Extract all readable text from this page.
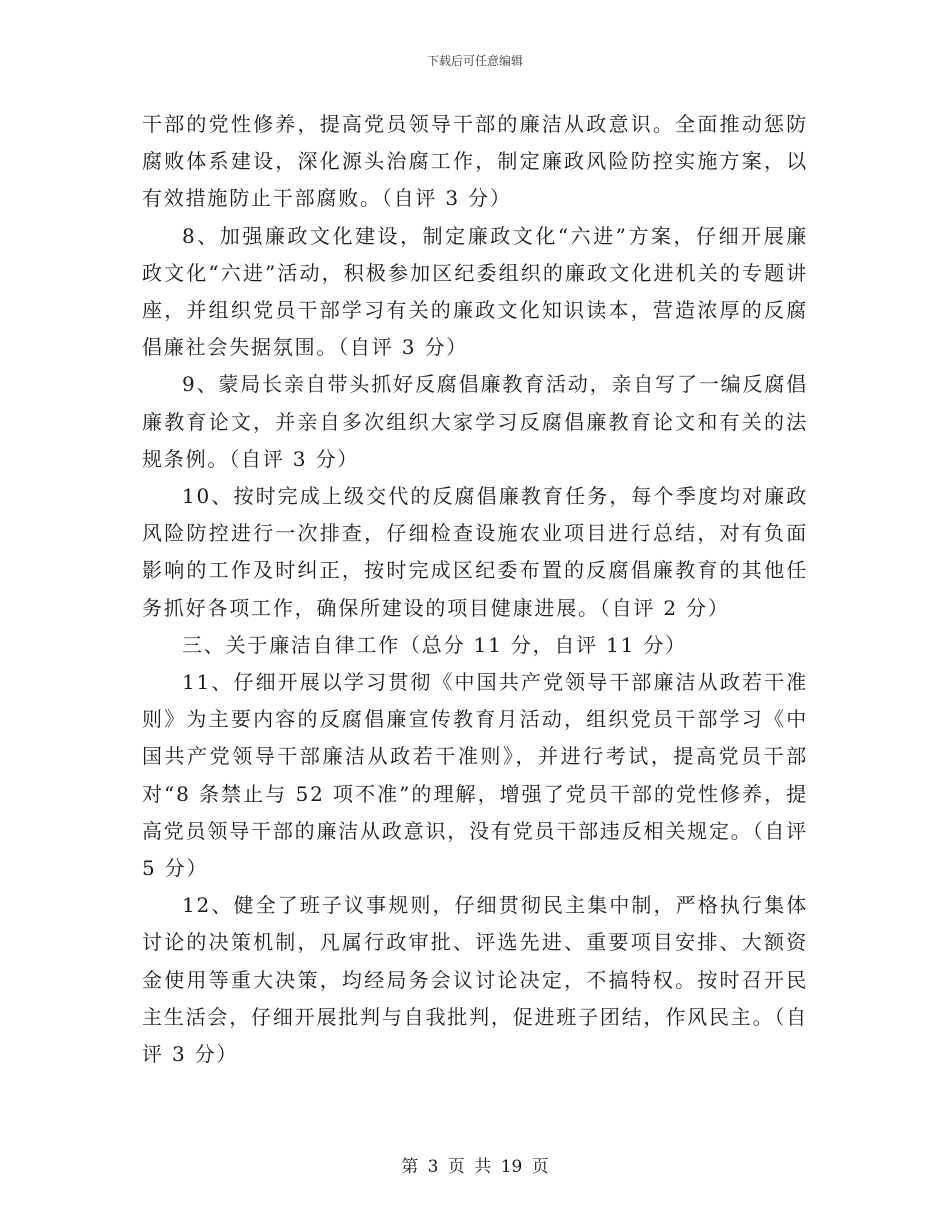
下载后可任意编辑

干部的党性修养，提高党员领导干部的廉洁从政意识。全面推动惩防腐败体系建设，深化源头治腐工作，制定廉政风险防控实施方案，以有效措施防止干部腐败。（自评 3 分）

8、加强廉政文化建设，制定廉政文化“六进”方案，仔细开展廉政文化“六进”活动，积极参加区纪委组织的廉政文化进机关的专题讲座，并组织党员干部学习有关的廉政文化知识读本，营造浓厚的反腐倡廉社会失据氛围。（自评 3 分）

9、蒙局长亲自带头抓好反腐倡廉教育活动，亲自写了一编反腐倡廉教育论文，并亲自多次组织大家学习反腐倡廉教育论文和有关的法规条例。（自评 3 分）

10、按时完成上级交代的反腐倡廉教育任务，每个季度均对廉政风险防控进行一次排查，仔细检查设施农业项目进行总结，对有负面影响的工作及时纠正，按时完成区纪委布置的反腐倡廉教育的其他任务抓好各项工作，确保所建设的项目健康进展。（自评 2 分）

三、关于廉洁自律工作（总分 11 分，自评 11 分）

11、仔细开展以学习贯彻《中国共产党领导干部廉洁从政若干准则》为主要内容的反腐倡廉宣传教育月活动，组织党员干部学习《中国共产党领导干部廉洁从政若干准则》，并进行考试，提高党员干部对“8 条禁止与 52 项不准”的理解，增强了党员干部的党性修养，提高党员领导干部的廉洁从政意识，没有党员干部违反相关规定。（自评 5 分）

12、健全了班子议事规则，仔细贯彻民主集中制，严格执行集体讨论的决策机制，凡属行政审批、评选先进、重要项目安排、大额资金使用等重大决策，均经局务会议讨论决定，不搞特权。按时召开民主生活会，仔细开展批判与自我批判，促进班子团结，作风民主。（自评 3 分）

第 3 页 共 19 页
